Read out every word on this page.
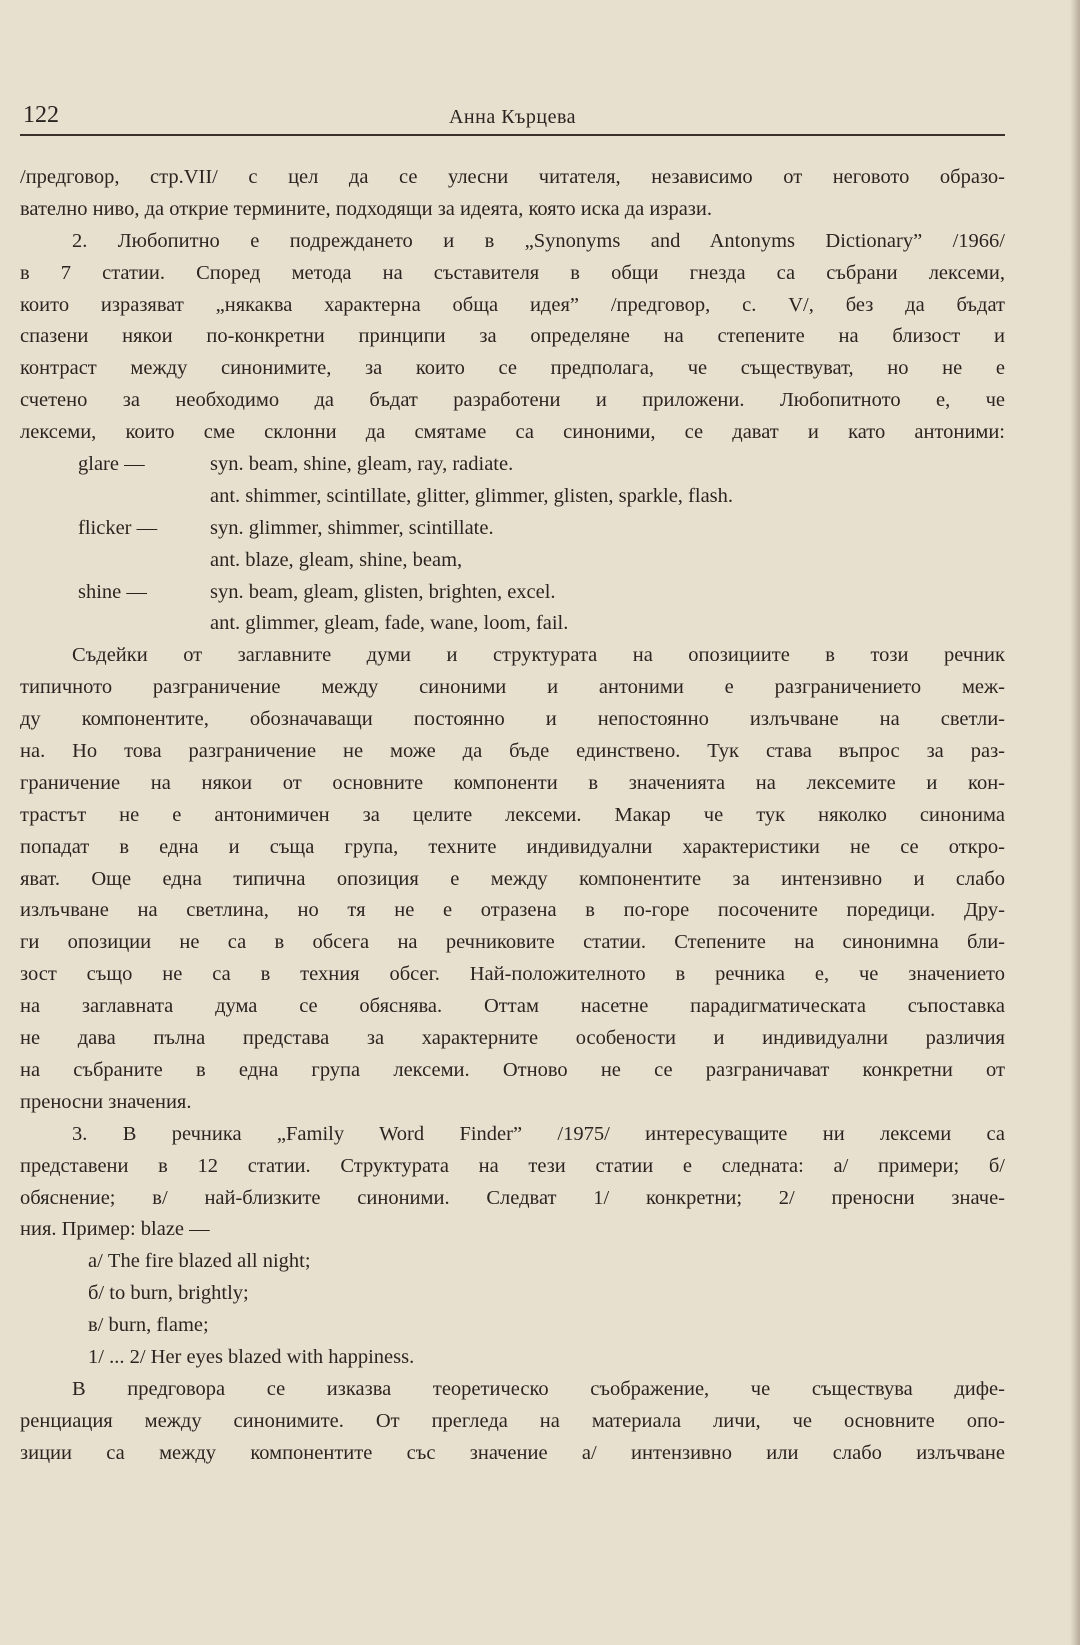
122	Анна Кърцева
/предговор, стр.VII/ с цел да се улесни читателя, независимо от неговото образо-
вателно ниво, да открие термините, подходящи за идеята, която иска да изрази.
2. Любопитно е подреждането и в „Synonyms and Antonyms Dictionary” /1966/
в 7 статии. Според метода на съставителя в общи гнезда са събрани лексеми,
които изразяват „някаква характерна обща идея” /предговор, с. V/, без да бъдат
спазени някои по-конкретни принципи за определяне на степените на близост и
контраст между синонимите, за които се предполага, че съществуват, но не е
счетено за необходимо да бъдат разработени и приложени. Любопитното е, че
лексеми, които сме склонни да смятаме са синоними, се дават и като антоними:
glare —	syn. beam, shine, gleam, ray, radiate.
ant. shimmer, scintillate, glitter, glimmer, glisten, sparkle, flash.
flicker —	syn. glimmer, shimmer, scintillate.
ant. blaze, gleam, shine, beam,
shine —	syn. beam, gleam, glisten, brighten, excel.
ant. glimmer, gleam, fade, wane, loom, fail.
Съдейки от заглавните думи и структурата на опозициите в този речник
типичното разграничение между синоними и антоними е разграничението меж-
ду компонентите, обозначаващи постоянно и непостоянно излъчване на светли-
на. Но това разграничение не може да бъде единствено. Тук става въпрос за раз-
граничение на някои от основните компоненти в значенията на лексемите и кон-
трастът не е антонимичен за целите лексеми. Макар че тук няколко синонима
попадат в една и съща група, техните индивидуални характеристики не се откро-
яват. Още една типична опозиция е между компонентите за интензивно и слабо
излъчване на светлина, но тя не е отразена в по-горе посочените поредици. Дру-
ги опозиции не са в обсега на речниковите статии. Степените на синонимна бли-
зост също не са в техния обсег. Най-положителното в речника е, че значението
на заглавната дума се обяснява. Оттам насетне парадигматическата съпоставка
не дава пълна представа за характерните особености и индивидуални различия
на събраните в една група лексеми. Отново не се разграничават конкретни от
преносни значения.
3. В речника „Family Word Finder” /1975/ интересуващите ни лексеми са
представени в 12 статии. Структурата на тези статии е следната: а/ примери; б/
обяснение; в/ най-близките синоними. Следват 1/ конкретни; 2/ преносни значе-
ния. Пример: blaze —
а/ The fire blazed all night;
б/ to burn, brightly;
в/ burn, flame;
1/ ... 2/ Her eyes blazed with happiness.
В предговора се изказва теоретическо съображение, че съществува дифе-
ренциация между синонимите. От прегледа на материала личи, че основните опо-
зиции са между компонентите със значение а/ интензивно или слабо излъчване
